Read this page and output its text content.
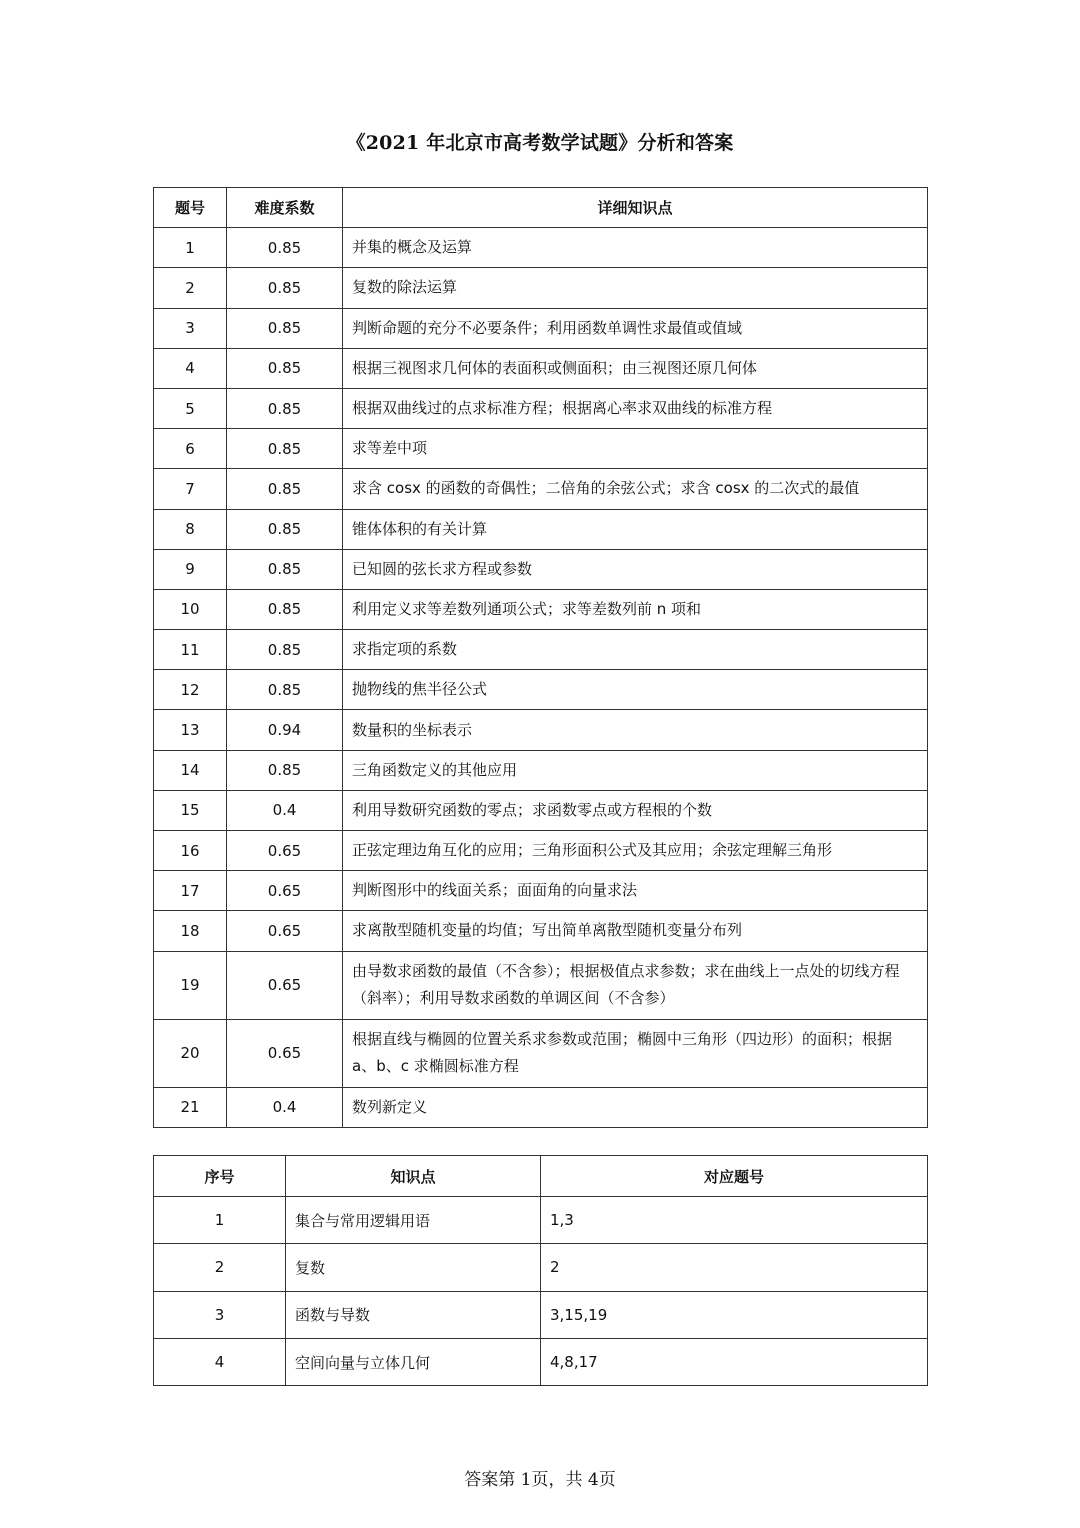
《2021 年北京市高考数学试题》分析和答案
题号	难度系数	详细知识点
1	0.85	并集的概念及运算
2	0.85	复数的除法运算
3	0.85	判断命题的充分不必要条件；利用函数单调性求最值或值域
4	0.85	根据三视图求几何体的表面积或侧面积；由三视图还原几何体
5	0.85	根据双曲线过的点求标准方程；根据离心率求双曲线的标准方程
6	0.85	求等差中项
7	0.85	求含 cosx 的函数的奇偶性；二倍角的余弦公式；求含 cosx 的二次式的最值
8	0.85	锥体体积的有关计算
9	0.85	已知圆的弦长求方程或参数
10	0.85	利用定义求等差数列通项公式；求等差数列前 n 项和
11	0.85	求指定项的系数
12	0.85	抛物线的焦半径公式
13	0.94	数量积的坐标表示
14	0.85	三角函数定义的其他应用
15	0.4	利用导数研究函数的零点；求函数零点或方程根的个数
16	0.65	正弦定理边角互化的应用；三角形面积公式及其应用；余弦定理解三角形
17	0.65	判断图形中的线面关系；面面角的向量求法
18	0.65	求离散型随机变量的均值；写出简单离散型随机变量分布列
19	0.65	由导数求函数的最值（不含参）；根据极值点求参数；求在曲线上一点处的切线方程（斜率）；利用导数求函数的单调区间（不含参）
20	0.65	根据直线与椭圆的位置关系求参数或范围；椭圆中三角形（四边形）的面积；根据 a、b、c 求椭圆标准方程
21	0.4	数列新定义
序号	知识点	对应题号
1	集合与常用逻辑用语	1,3
2	复数	2
3	函数与导数	3,15,19
4	空间向量与立体几何	4,8,17
答案第 1页，共 4页
